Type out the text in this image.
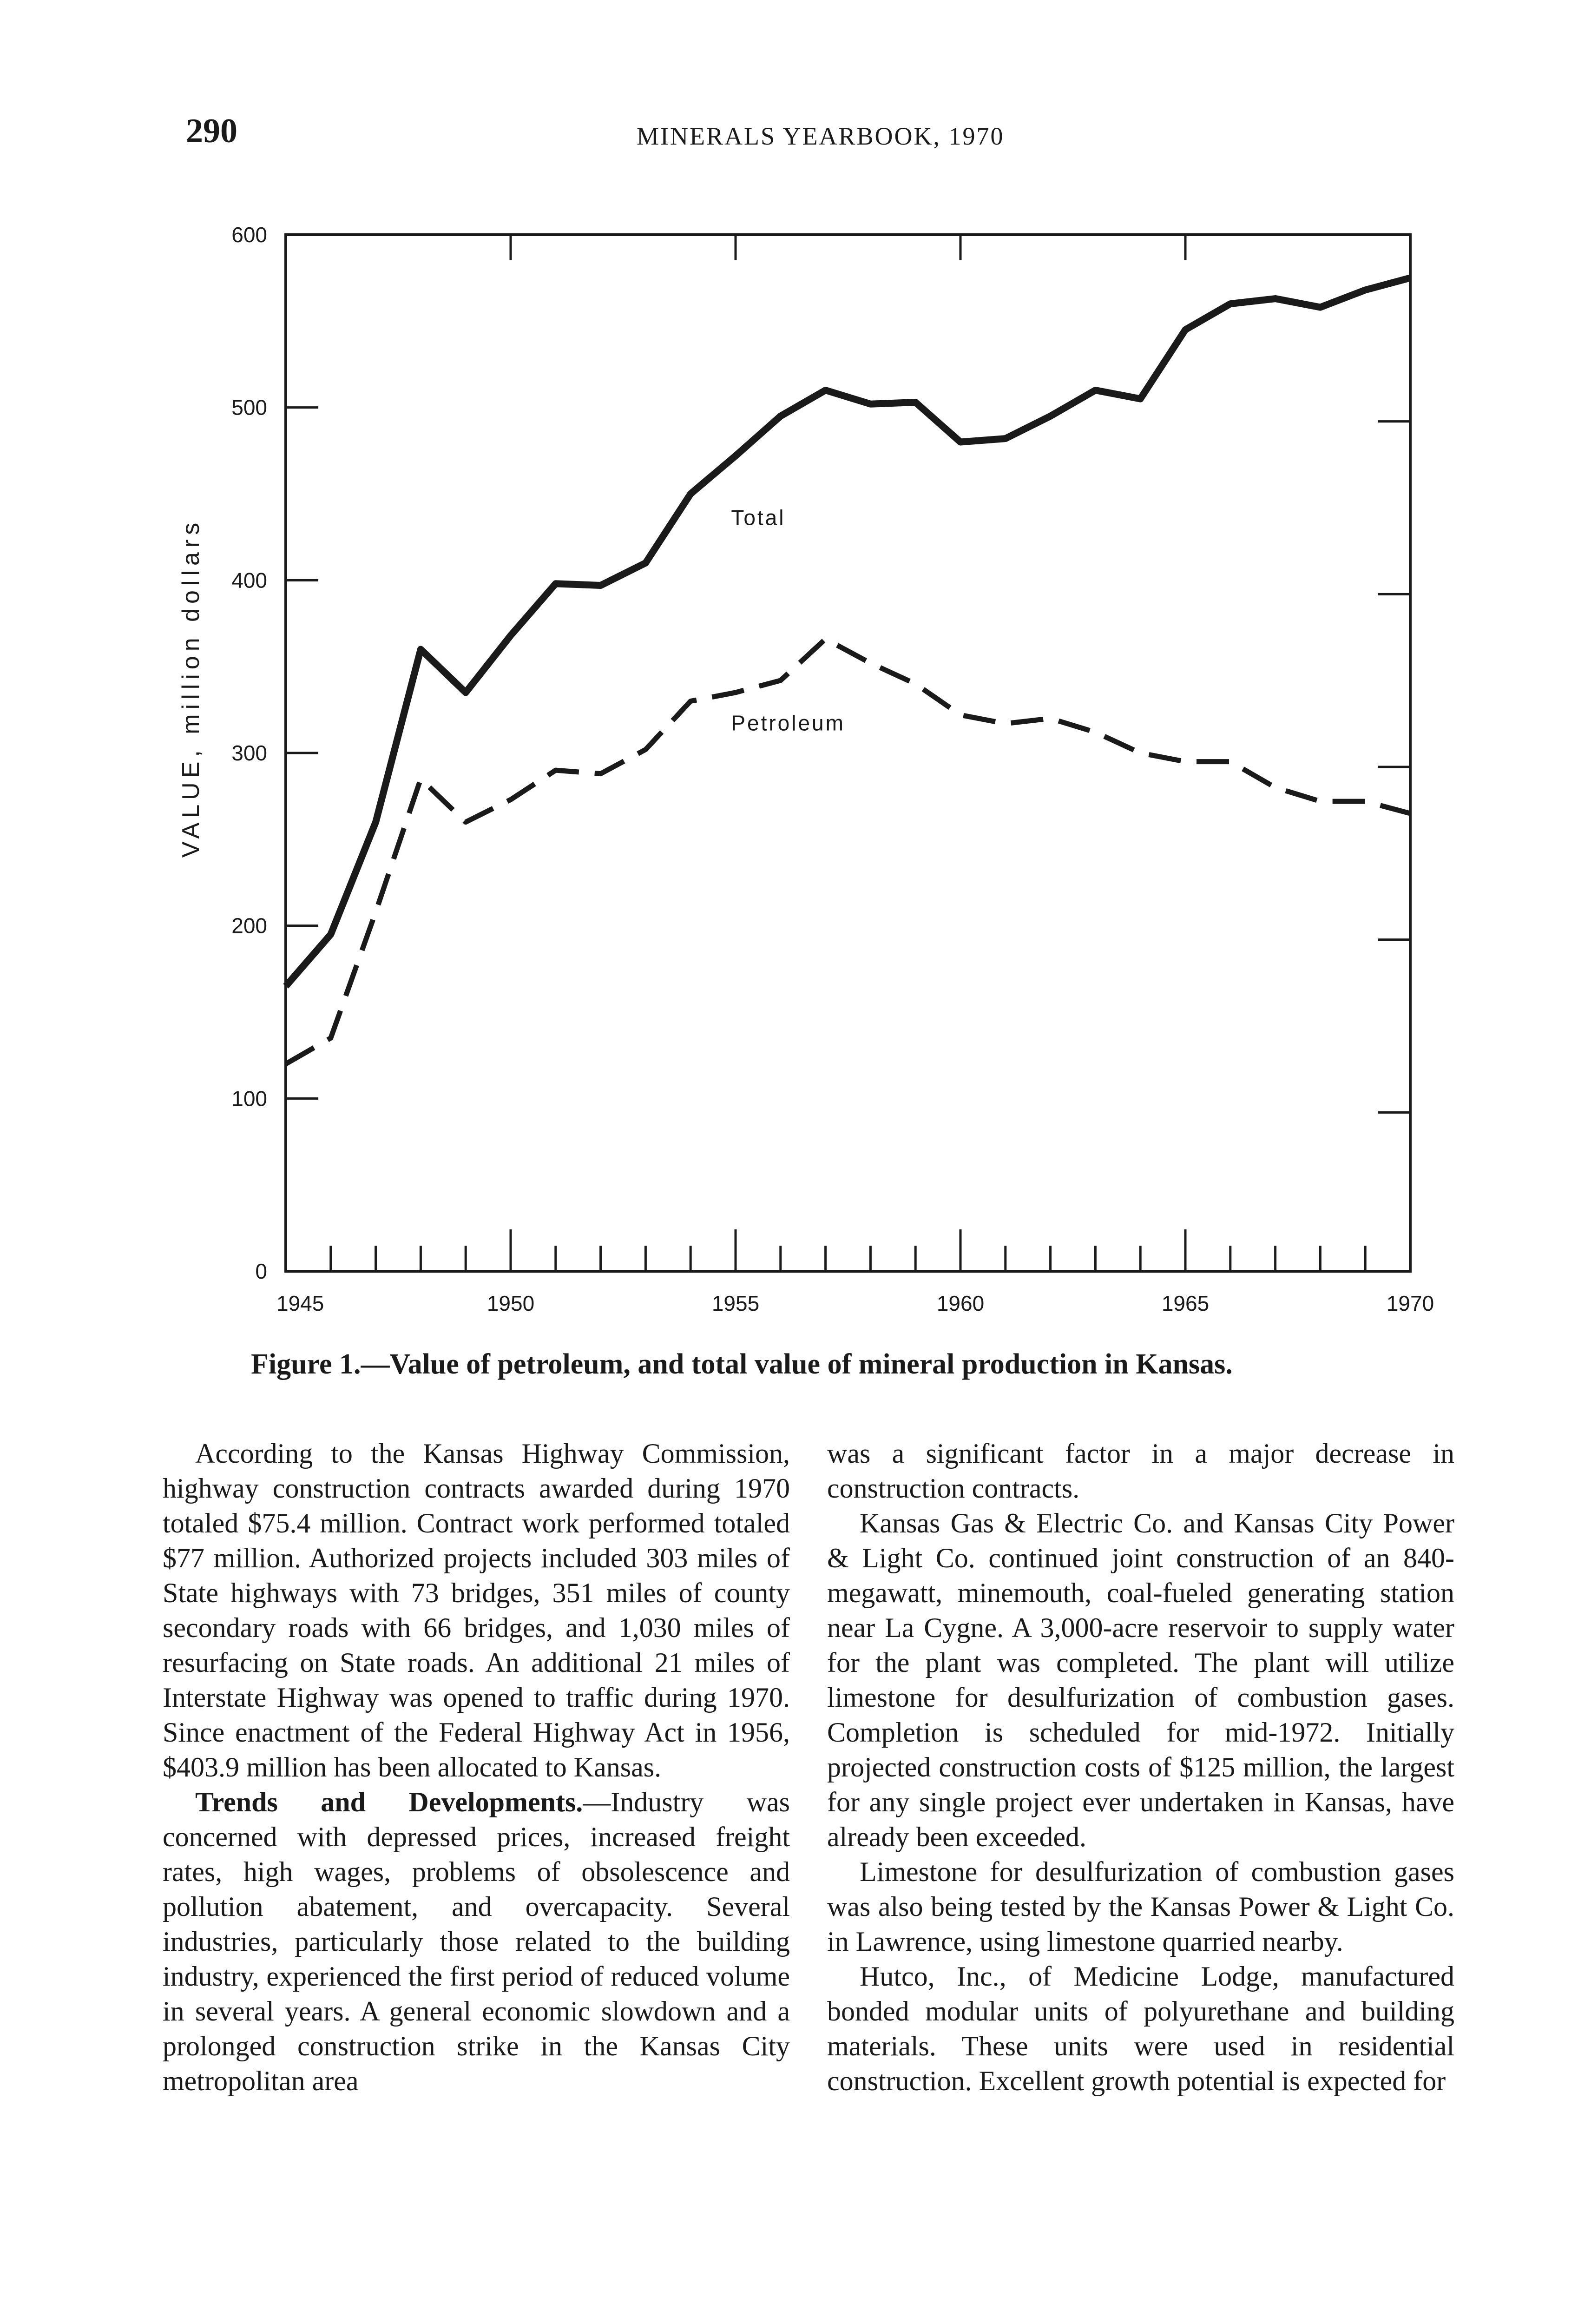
290	MINERALS YEARBOOK, 1970
0
100
200
300
400
500
600
1945	1950	1955	1960	1965	1970
Total
Petroleum
VALUE, million dollars
Figure 1.—Value of petroleum, and total value of mineral production in Kansas.

According to the Kansas Highway Commission, highway construction contracts awarded during 1970 totaled $75.4 million. Contract work performed totaled $77 million. Authorized projects included 303 miles of State highways with 73 bridges, 351 miles of county secondary roads with 66 bridges, and 1,030 miles of resurfacing on State roads. An additional 21 miles of Interstate Highway was opened to traffic during 1970. Since enactment of the Federal Highway Act in 1956, $403.9 million has been allocated to Kansas.

Trends and Developments.—Industry was concerned with depressed prices, increased freight rates, high wages, problems of obsolescence and pollution abatement, and overcapacity. Several industries, particularly those related to the building industry, experienced the first period of reduced volume in several years. A general economic slowdown and a prolonged construction strike in the Kansas City metropolitan area

was a significant factor in a major decrease in construction contracts.

Kansas Gas & Electric Co. and Kansas City Power & Light Co. continued joint construction of an 840-megawatt, minemouth, coal-fueled generating station near La Cygne. A 3,000-acre reservoir to supply water for the plant was completed. The plant will utilize limestone for desulfurization of combustion gases. Completion is scheduled for mid-1972. Initially projected construction costs of $125 million, the largest for any single project ever undertaken in Kansas, have already been exceeded.

Limestone for desulfurization of combustion gases was also being tested by the Kansas Power & Light Co. in Lawrence, using limestone quarried nearby.

Hutco, Inc., of Medicine Lodge, manufactured bonded modular units of polyurethane and building materials. These units were used in residential construction. Excellent growth potential is expected for
